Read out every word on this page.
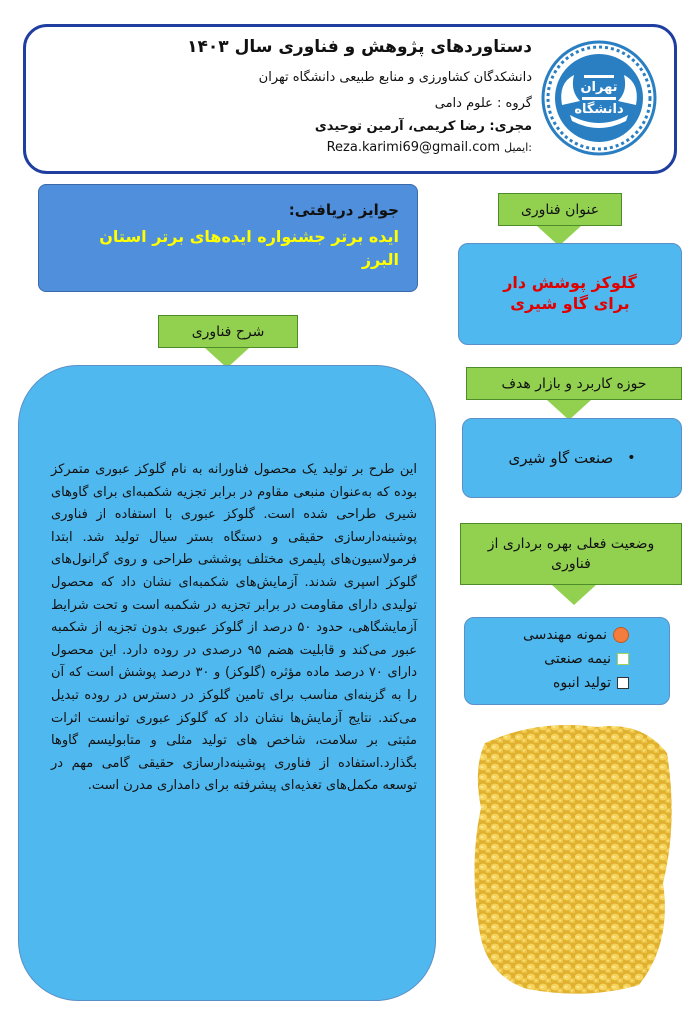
دستاوردهای پژوهش و فناوری سال ۱۴۰۳
دانشکدگان کشاورزی و منابع طبیعی دانشگاه تهران
گروه : علوم دامی
مجری: رضا کریمی، آرمین توحیدی
Reza.karimi69@gmail.com ایمیل:
تهران
دانشگاه
عنوان فناوری
گلوکز پوشش دار برای گاو شیری
حوزه کاربرد و بازار هدف
•
صنعت گاو شیری
وضعیت فعلی بهره برداری از فناوری
نمونه مهندسی
نیمه صنعتی
تولید انبوه
جوایز دریافتی:
ایده برتر جشنواره ایده‌های برتر استان البرز
شرح فناوری
این طرح بر تولید یک محصول فناورانه به نام گلوکز عبوری متمرکز بوده که به‌عنوان منبعی مقاوم در برابر تجزیه شکمبه‌ای برای گاوهای شیری طراحی شده است. گلوکز عبوری با استفاده از فناوری پوشینه‌دارسازی حقیقی و دستگاه بستر سیال تولید شد. ابتدا فرمولاسیون‌های پلیمری مختلف پوششی طراحی و روی گرانول‌های گلوکز اسپری شدند. آزمایش‌های شکمبه‌ای نشان داد که محصول تولیدی دارای مقاومت در برابر تجزیه در شکمبه است و تحت شرایط آزمایشگاهی، حدود ۵۰ درصد از گلوکز عبوری بدون تجزیه از شکمبه عبور می‌کند و قابلیت هضم ۹۵ درصدی در روده دارد. این محصول دارای ۷۰ درصد ماده مؤثره (گلوکز) و ۳۰ درصد پوشش است که آن را به گزینه‌ای مناسب برای تامین گلوکز در دسترس در روده تبدیل می‌کند. نتایج آزمایش‌ها نشان داد که گلوکز عبوری توانست اثرات مثبتی بر سلامت، شاخص های تولید مثلی و متابولیسم گاوها بگذارد.استفاده از فناوری پوشینه‌دارسازی حقیقی گامی مهم در توسعه مکمل‌های تغذیه‌ای پیشرفته برای دامداری مدرن است.
